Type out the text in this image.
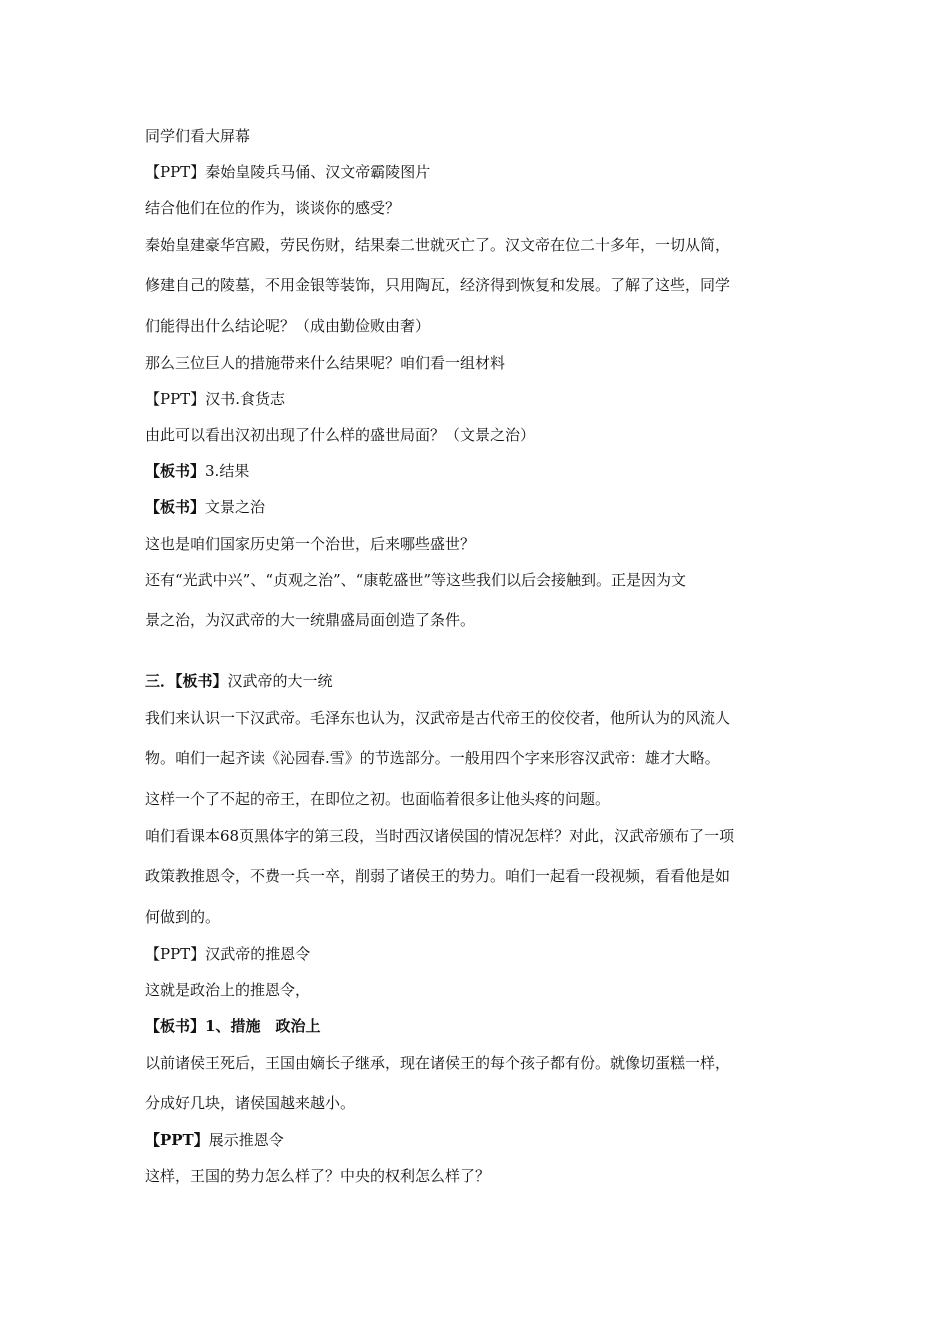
同学们看大屏幕
【PPT】秦始皇陵兵马俑、汉文帝霸陵图片
结合他们在位的作为，谈谈你的感受？
秦始皇建豪华宫殿，劳民伤财，结果秦二世就灭亡了。汉文帝在位二十多年，一切从简，
修建自己的陵墓，不用金银等装饰，只用陶瓦，经济得到恢复和发展。了解了这些，同学
们能得出什么结论呢？（成由勤俭败由奢）
那么三位巨人的措施带来什么结果呢？咱们看一组材料
【PPT】汉书.食货志
由此可以看出汉初出现了什么样的盛世局面？（文景之治）
【板书】3.结果
【板书】文景之治
这也是咱们国家历史第一个治世，后来哪些盛世？
还有“光武中兴”、“贞观之治”、“康乾盛世”等这些我们以后会接触到。正是因为文
景之治，为汉武帝的大一统鼎盛局面创造了条件。
三．【板书】汉武帝的大一统
我们来认识一下汉武帝。毛泽东也认为，汉武帝是古代帝王的佼佼者，他所认为的风流人
物。咱们一起齐读《沁园春.雪》的节选部分。一般用四个字来形容汉武帝：雄才大略。
这样一个了不起的帝王，在即位之初。也面临着很多让他头疼的问题。
咱们看课本68页黑体字的第三段，当时西汉诸侯国的情况怎样？对此，汉武帝颁布了一项
政策教推恩令，不费一兵一卒，削弱了诸侯王的势力。咱们一起看一段视频，看看他是如
何做到的。
【PPT】汉武帝的推恩令
这就是政治上的推恩令，
【板书】1、措施　政治上
以前诸侯王死后，王国由嫡长子继承，现在诸侯王的每个孩子都有份。就像切蛋糕一样，
分成好几块，诸侯国越来越小。
【PPT】展示推恩令
这样，王国的势力怎么样了？中央的权利怎么样了？
